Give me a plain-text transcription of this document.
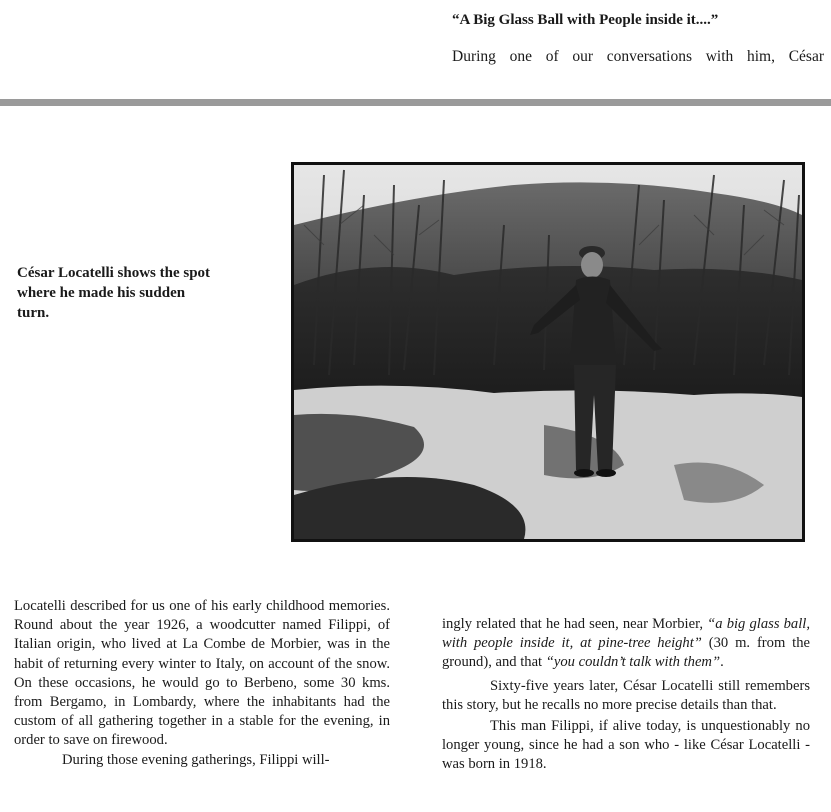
“A Big Glass Ball with People inside it....”
During one of our conversations with him, César
César Locatelli shows the spot where he made his sudden turn.

Locatelli described for us one of his early childhood memories. Round about the year 1926, a woodcutter named Filippi, of Italian origin, who lived at La Combe de Morbier, was in the habit of returning every winter to Italy, on account of the snow. On these occasions, he would go to Berbeno, some 30 kms. from Bergamo, in Lombardy, where the inhabitants had the custom of all gathering together in a stable for the evening, in order to save on firewood.

During those evening gatherings, Filippi will-

ingly related that he had seen, near Morbier, “a big glass ball, with people inside it, at pine-tree height” (30 m. from the ground), and that “you couldn’t talk with them”.

Sixty-five years later, César Locatelli still remembers this story, but he recalls no more precise details than that.

This man Filippi, if alive today, is unquestionably no longer young, since he had a son who - like César Locatelli - was born in 1918.
